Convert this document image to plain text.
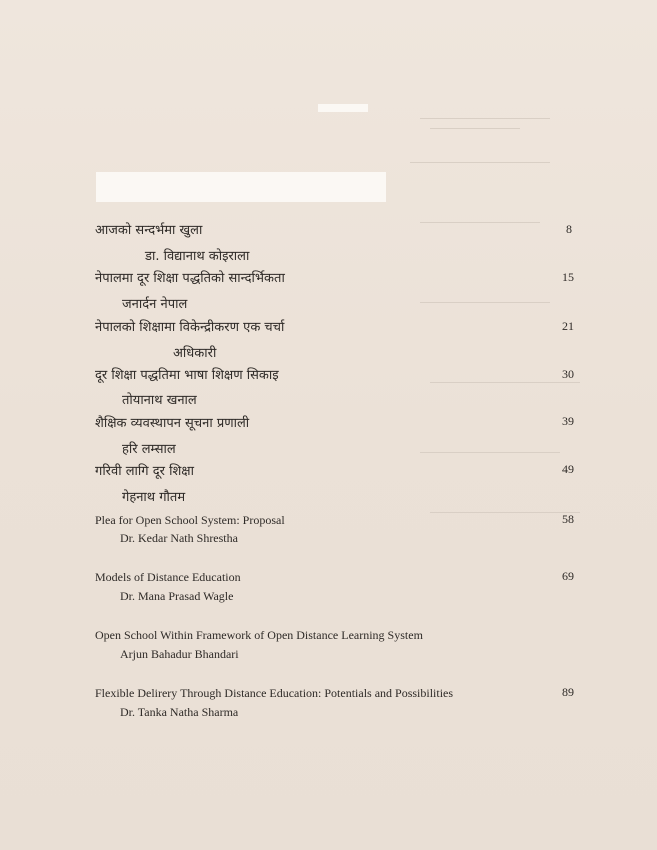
आजको सन्दर्भमा खुला
डा. विद्यानाथ कोइराला
8
नेपालमा दूर शिक्षा पद्धतिको सान्दर्भिकता
जनार्दन नेपाल
15
नेपालको शिक्षामा विकेन्द्रीकरण एक चर्चा
अधिकारी
21
दूर शिक्षा पद्धतिमा भाषा शिक्षण सिकाइ
तोयानाथ खनाल
30
शैक्षिक व्यवस्थापन सूचना प्रणाली
हरि लम्साल
39
गरिवी लागि दूर शिक्षा
गेहनाथ गौतम
49
Plea for Open School System: Proposal
Dr. Kedar Nath Shrestha
58
Models of Distance Education
Dr. Mana Prasad Wagle
69
Open School Within Framework of Open Distance Learning System
Arjun Bahadur Bhandari
Flexible Delirery Through Distance Education: Potentials and Possibilities
Dr. Tanka Natha Sharma
89
